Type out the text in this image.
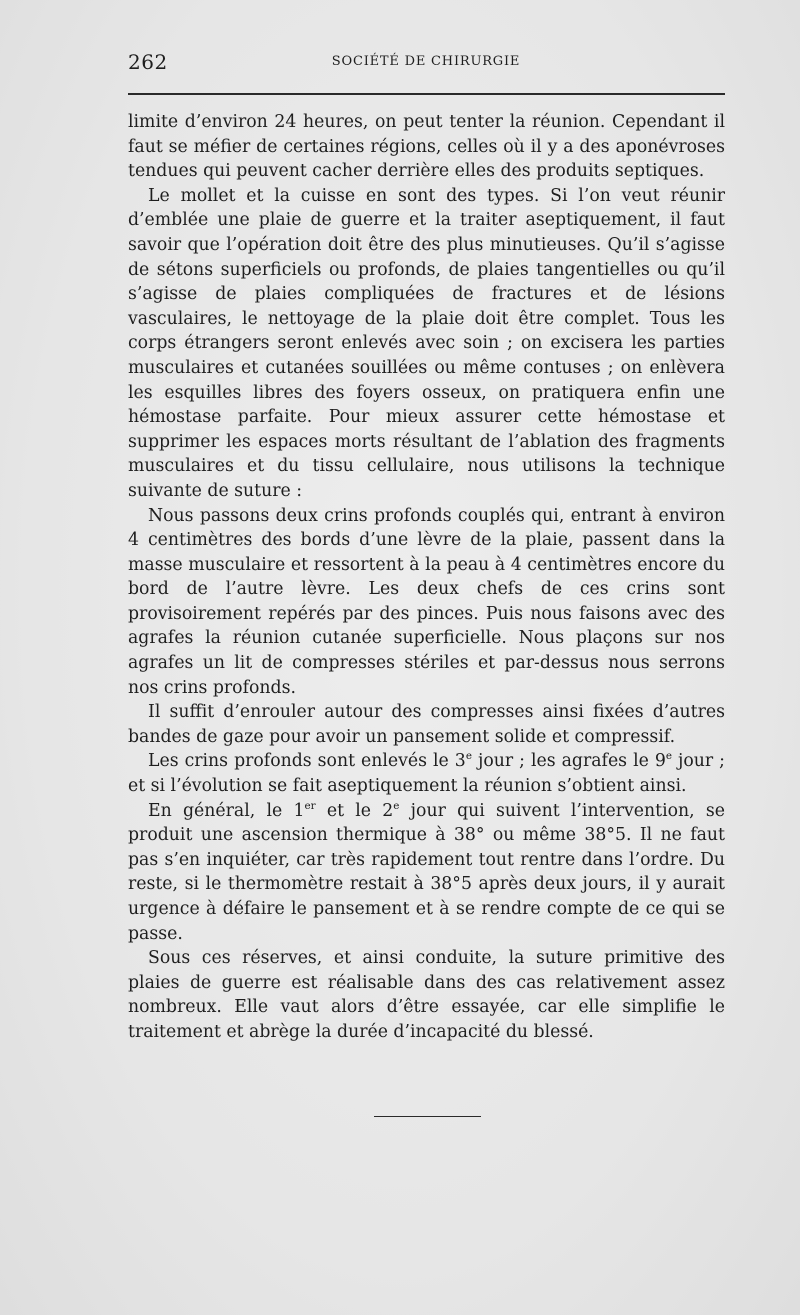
262	SOCIÉTÉ DE CHIRURGIE

limite d’environ 24 heures, on peut tenter la réunion. Cependant il faut se méfier de certaines régions, celles où il y a des aponévroses tendues qui peuvent cacher derrière elles des produits septiques.

Le mollet et la cuisse en sont des types. Si l’on veut réunir d’emblée une plaie de guerre et la traiter aseptiquement, il faut savoir que l’opération doit être des plus minutieuses. Qu’il s’agisse de sétons superficiels ou profonds, de plaies tangentielles ou qu’il s’agisse de plaies compliquées de fractures et de lésions vasculaires, le nettoyage de la plaie doit être complet. Tous les corps étrangers seront enlevés avec soin ; on excisera les parties musculaires et cutanées souillées ou même contuses ; on enlèvera les esquilles libres des foyers osseux, on pratiquera enfin une hémostase parfaite. Pour mieux assurer cette hémostase et supprimer les espaces morts résultant de l’ablation des fragments musculaires et du tissu cellulaire, nous utilisons la technique suivante de suture :

Nous passons deux crins profonds couplés qui, entrant à environ 4 centimètres des bords d’une lèvre de la plaie, passent dans la masse musculaire et ressortent à la peau à 4 centimètres encore du bord de l’autre lèvre. Les deux chefs de ces crins sont provisoirement repérés par des pinces. Puis nous faisons avec des agrafes la réunion cutanée superficielle. Nous plaçons sur nos agrafes un lit de compresses stériles et par-dessus nous serrons nos crins profonds.

Il suffit d’enrouler autour des compresses ainsi fixées d’autres bandes de gaze pour avoir un pansement solide et compressif.

Les crins profonds sont enlevés le 3e jour ; les agrafes le 9e jour ; et si l’évolution se fait aseptiquement la réunion s’obtient ainsi.

En général, le 1er et le 2e jour qui suivent l’intervention, se produit une ascension thermique à 38° ou même 38°5. Il ne faut pas s’en inquiéter, car très rapidement tout rentre dans l’ordre. Du reste, si le thermomètre restait à 38°5 après deux jours, il y aurait urgence à défaire le pansement et à se rendre compte de ce qui se passe.

Sous ces réserves, et ainsi conduite, la suture primitive des plaies de guerre est réalisable dans des cas relativement assez nombreux. Elle vaut alors d’être essayée, car elle simplifie le traitement et abrège la durée d’incapacité du blessé.
